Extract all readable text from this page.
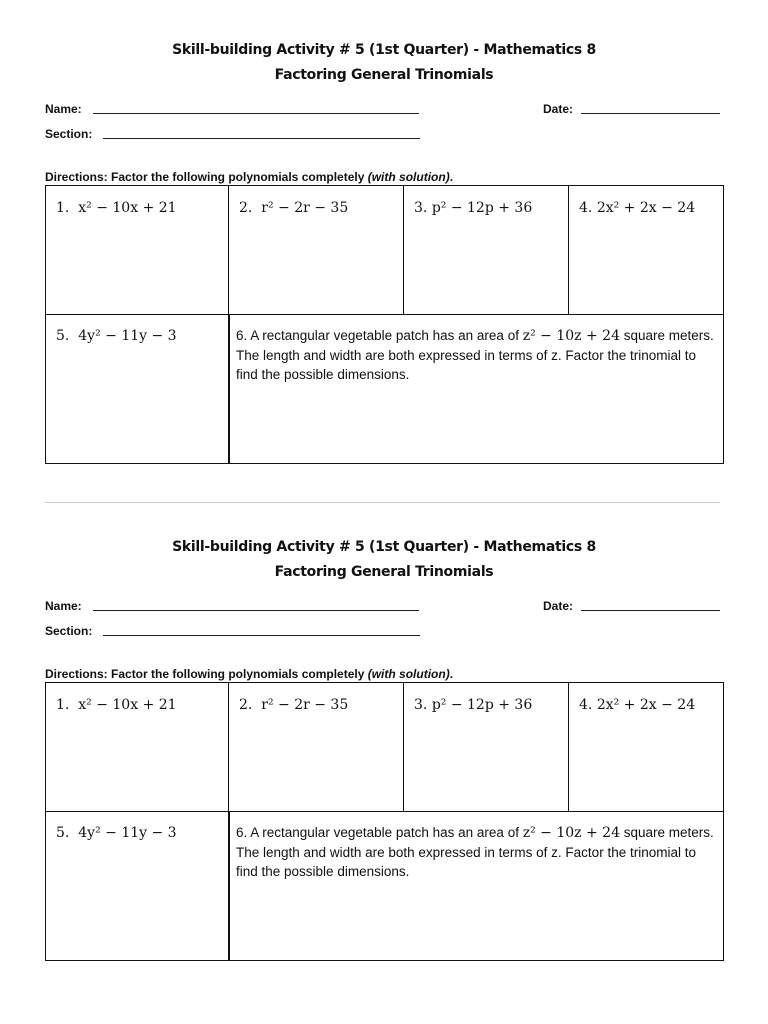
Skill-building Activity # 5 (1st Quarter) - Mathematics 8
Factoring General Trinomials
Name:	Date:
Section:
Directions: Factor the following polynomials completely (with solution).
1. x² − 10x + 21	2. r² − 2r − 35	3. p² − 12p + 36	4. 2x² + 2x − 24
5. 4y² − 11y − 3	6. A rectangular vegetable patch has an area of z² − 10z + 24 square meters. The length and width are both expressed in terms of z. Factor the trinomial to find the possible dimensions.
Skill-building Activity # 5 (1st Quarter) - Mathematics 8
Factoring General Trinomials
Name:	Date:
Section:
Directions: Factor the following polynomials completely (with solution).
1. x² − 10x + 21	2. r² − 2r − 35	3. p² − 12p + 36	4. 2x² + 2x − 24
5. 4y² − 11y − 3	6. A rectangular vegetable patch has an area of z² − 10z + 24 square meters. The length and width are both expressed in terms of z. Factor the trinomial to find the possible dimensions.
